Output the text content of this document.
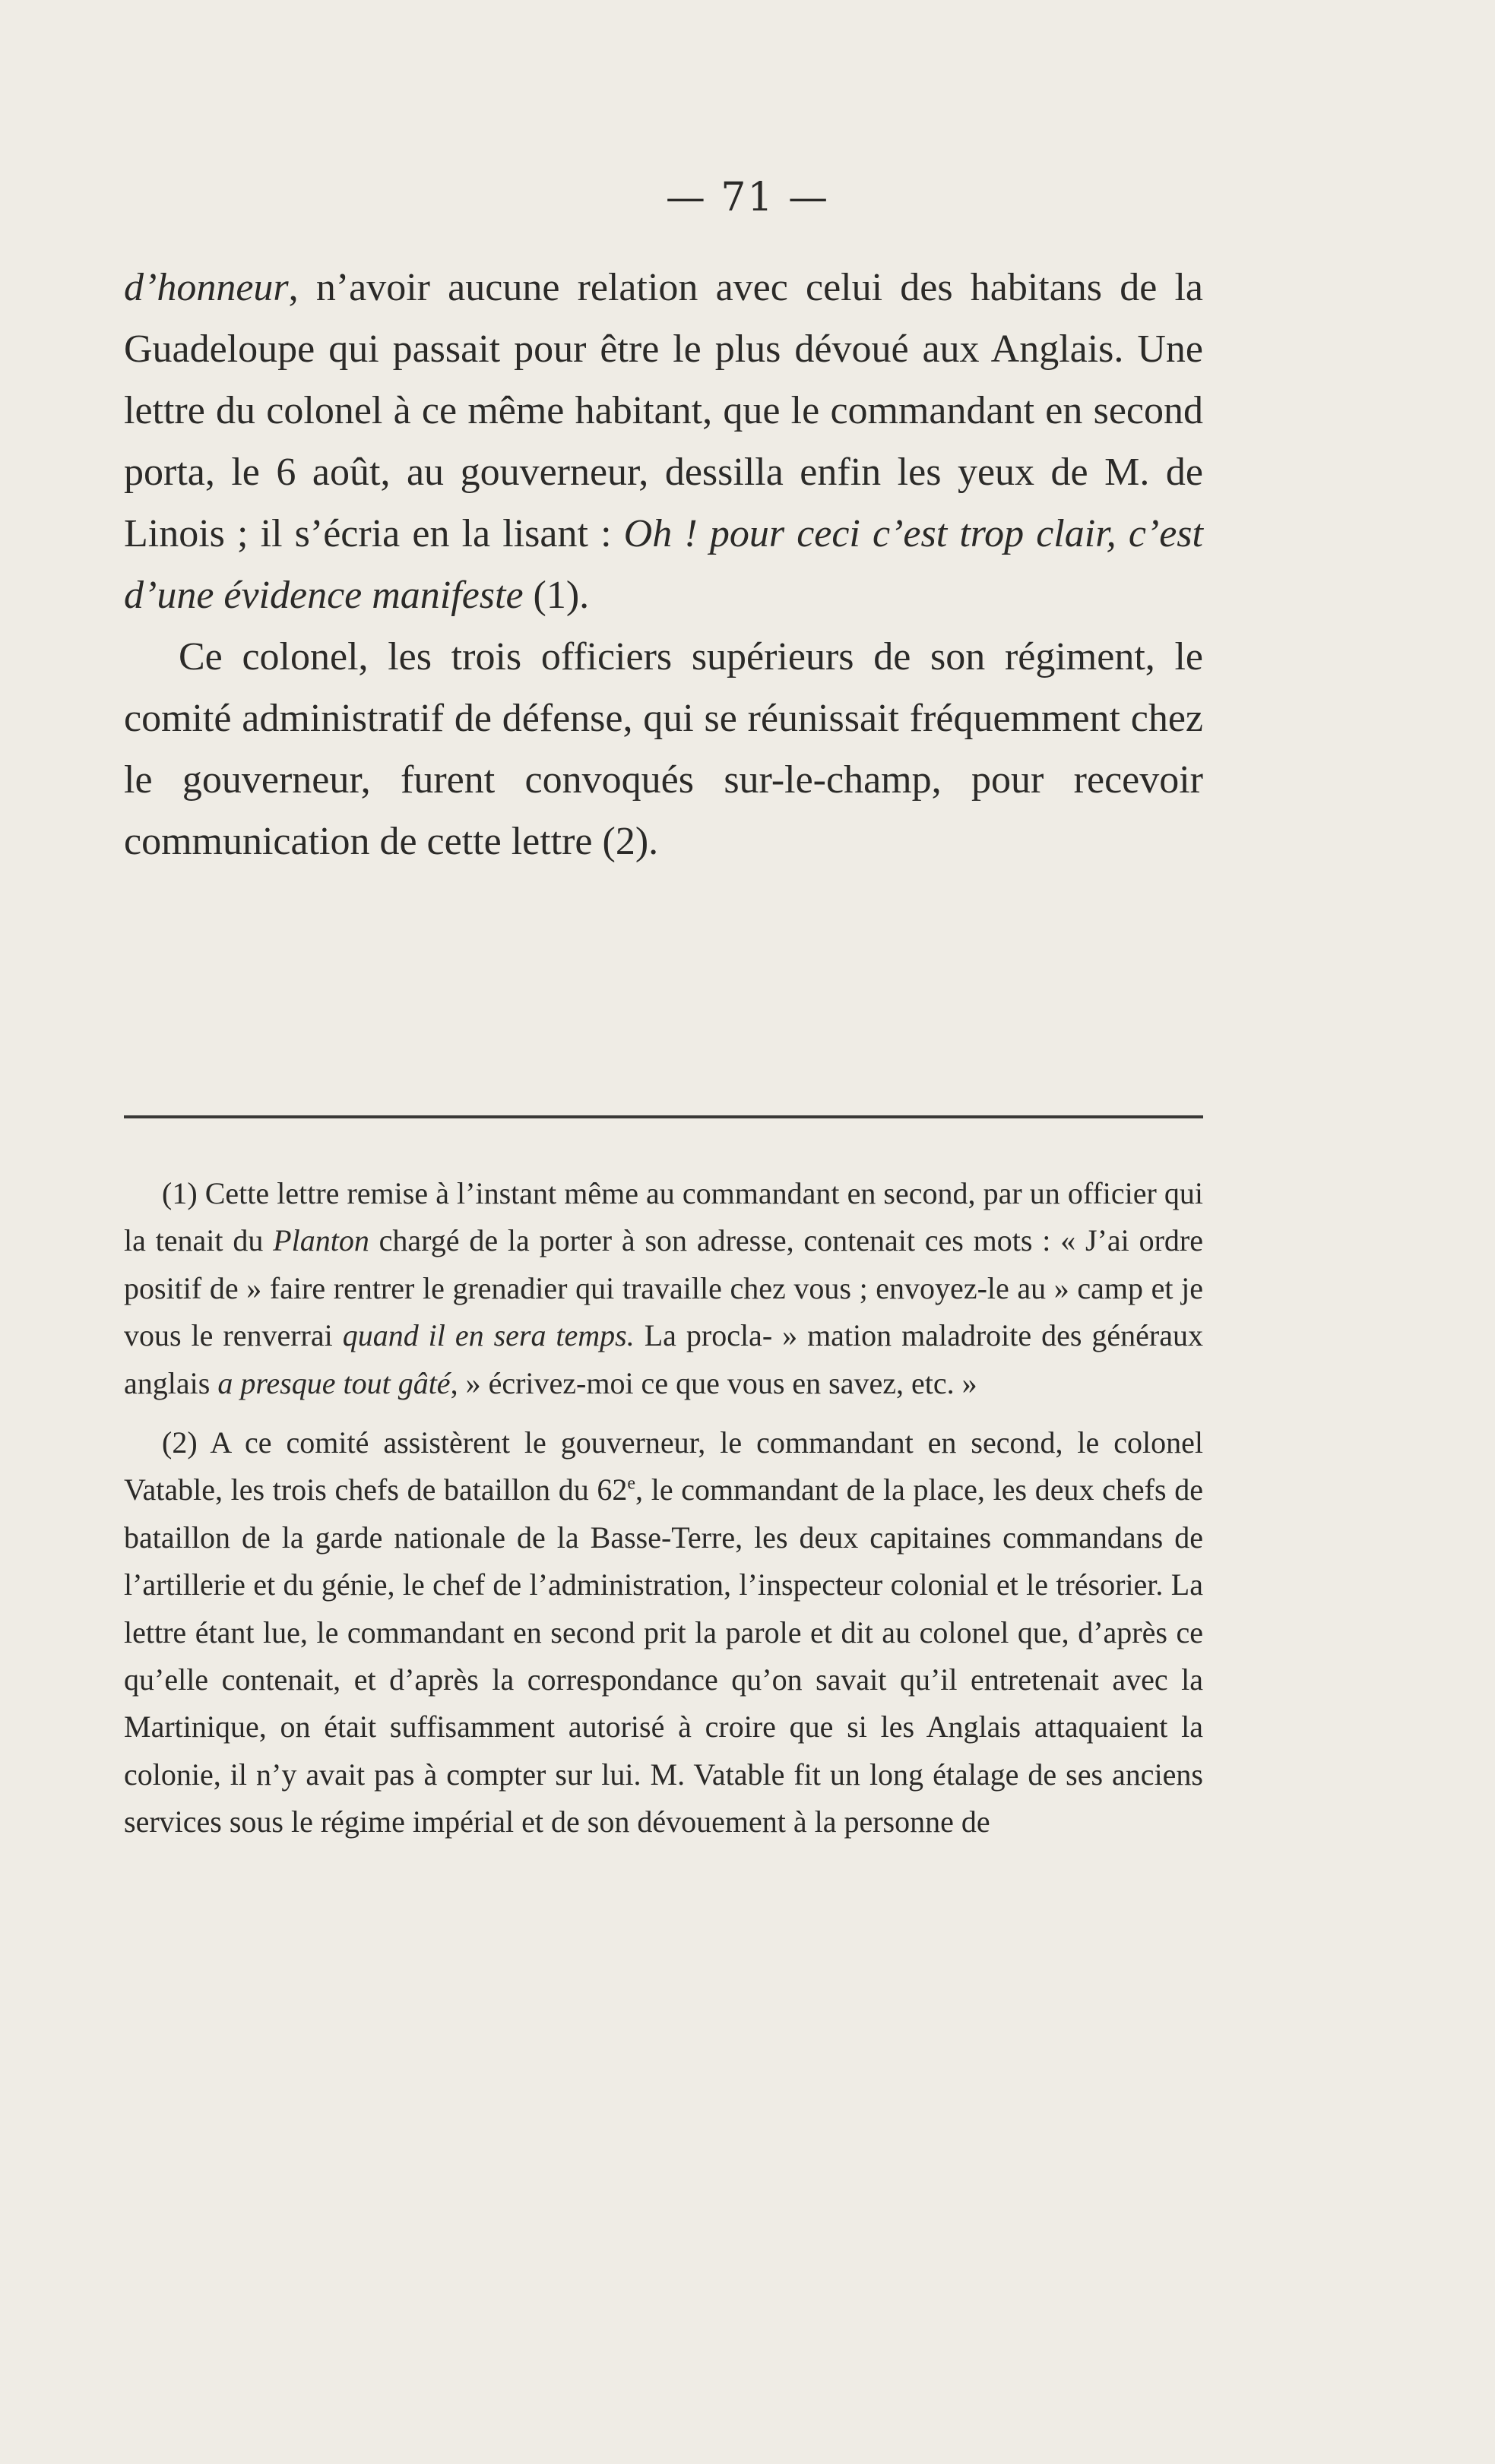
— 71 —

d’honneur, n’avoir aucune relation avec celui des habitans de la Guadeloupe qui passait pour être le plus dévoué aux Anglais. Une lettre du colonel à ce même habitant, que le commandant en second porta, le 6 août, au gouverneur, dessilla enfin les yeux de M. de Linois ; il s’écria en la lisant : Oh ! pour ceci c’est trop clair, c’est d’une évidence manifeste (1).

Ce colonel, les trois officiers supérieurs de son régiment, le comité administratif de défense, qui se réunissait fréquemment chez le gouverneur, furent convoqués sur-le-champ, pour recevoir communication de cette lettre (2).

(1) Cette lettre remise à l’instant même au commandant en second, par un officier qui la tenait du Planton chargé de la porter à son adresse, contenait ces mots : « J’ai ordre positif de » faire rentrer le grenadier qui travaille chez vous ; envoyez-le au » camp et je vous le renverrai quand il en sera temps. La procla- » mation maladroite des généraux anglais a presque tout gâté, » écrivez-moi ce que vous en savez, etc. »

(2) A ce comité assistèrent le gouverneur, le commandant en second, le colonel Vatable, les trois chefs de bataillon du 62e, le commandant de la place, les deux chefs de bataillon de la garde nationale de la Basse-Terre, les deux capitaines commandans de l’artillerie et du génie, le chef de l’administration, l’inspecteur colonial et le trésorier. La lettre étant lue, le commandant en second prit la parole et dit au colonel que, d’après ce qu’elle contenait, et d’après la correspondance qu’on savait qu’il entretenait avec la Martinique, on était suffisamment autorisé à croire que si les Anglais attaquaient la colonie, il n’y avait pas à compter sur lui. M. Vatable fit un long étalage de ses anciens services sous le régime impérial et de son dévouement à la personne de
